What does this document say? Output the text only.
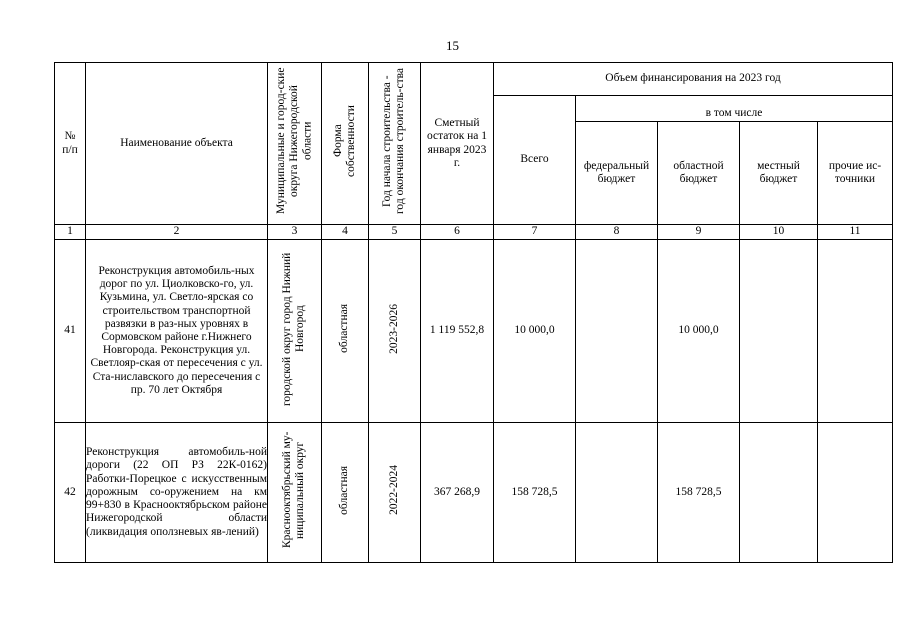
15
№ п/п	Наименование объекта	Муниципальные и город-ские округа Нижегородской области	Форма собственности	Год начала строительства - год окончания строитель-ства	Сметный остаток на 1 января 2023 г.	Объем финансирования на 2023 год				
						Всего	в том числе			
							федеральный бюджет	областной бюджет	местный бюджет	прочие ис-точники
1	2	3	4	5	6	7	8	9	10	11
41	Реконструкция автомобиль-ных дорог по ул. Циолковско-го, ул. Кузьмина, ул. Светло-ярская со строительством транспортной развязки в раз-ных уровнях в Сормовском районе г.Нижнего Новгорода. Реконструкция ул. Светлояр-ская от пересечения с ул. Ста-ниславского до пересечения с пр. 70 лет Октября	городской округ город Нижний Новгород	областная	2023-2026	1 119 552,8	10 000,0		10 000,0		
42	Реконструкция автомобиль-ной дороги (22 ОП РЗ 22К-0162) Работки-Порецкое с искусственным дорожным со-оружением на км 99+830 в Краснооктябрьском районе Нижегородской области (ликвидация оползневых яв-лений)	Краснооктябрьский му-ниципальный округ	областная	2022-2024	367 268,9	158 728,5		158 728,5		
